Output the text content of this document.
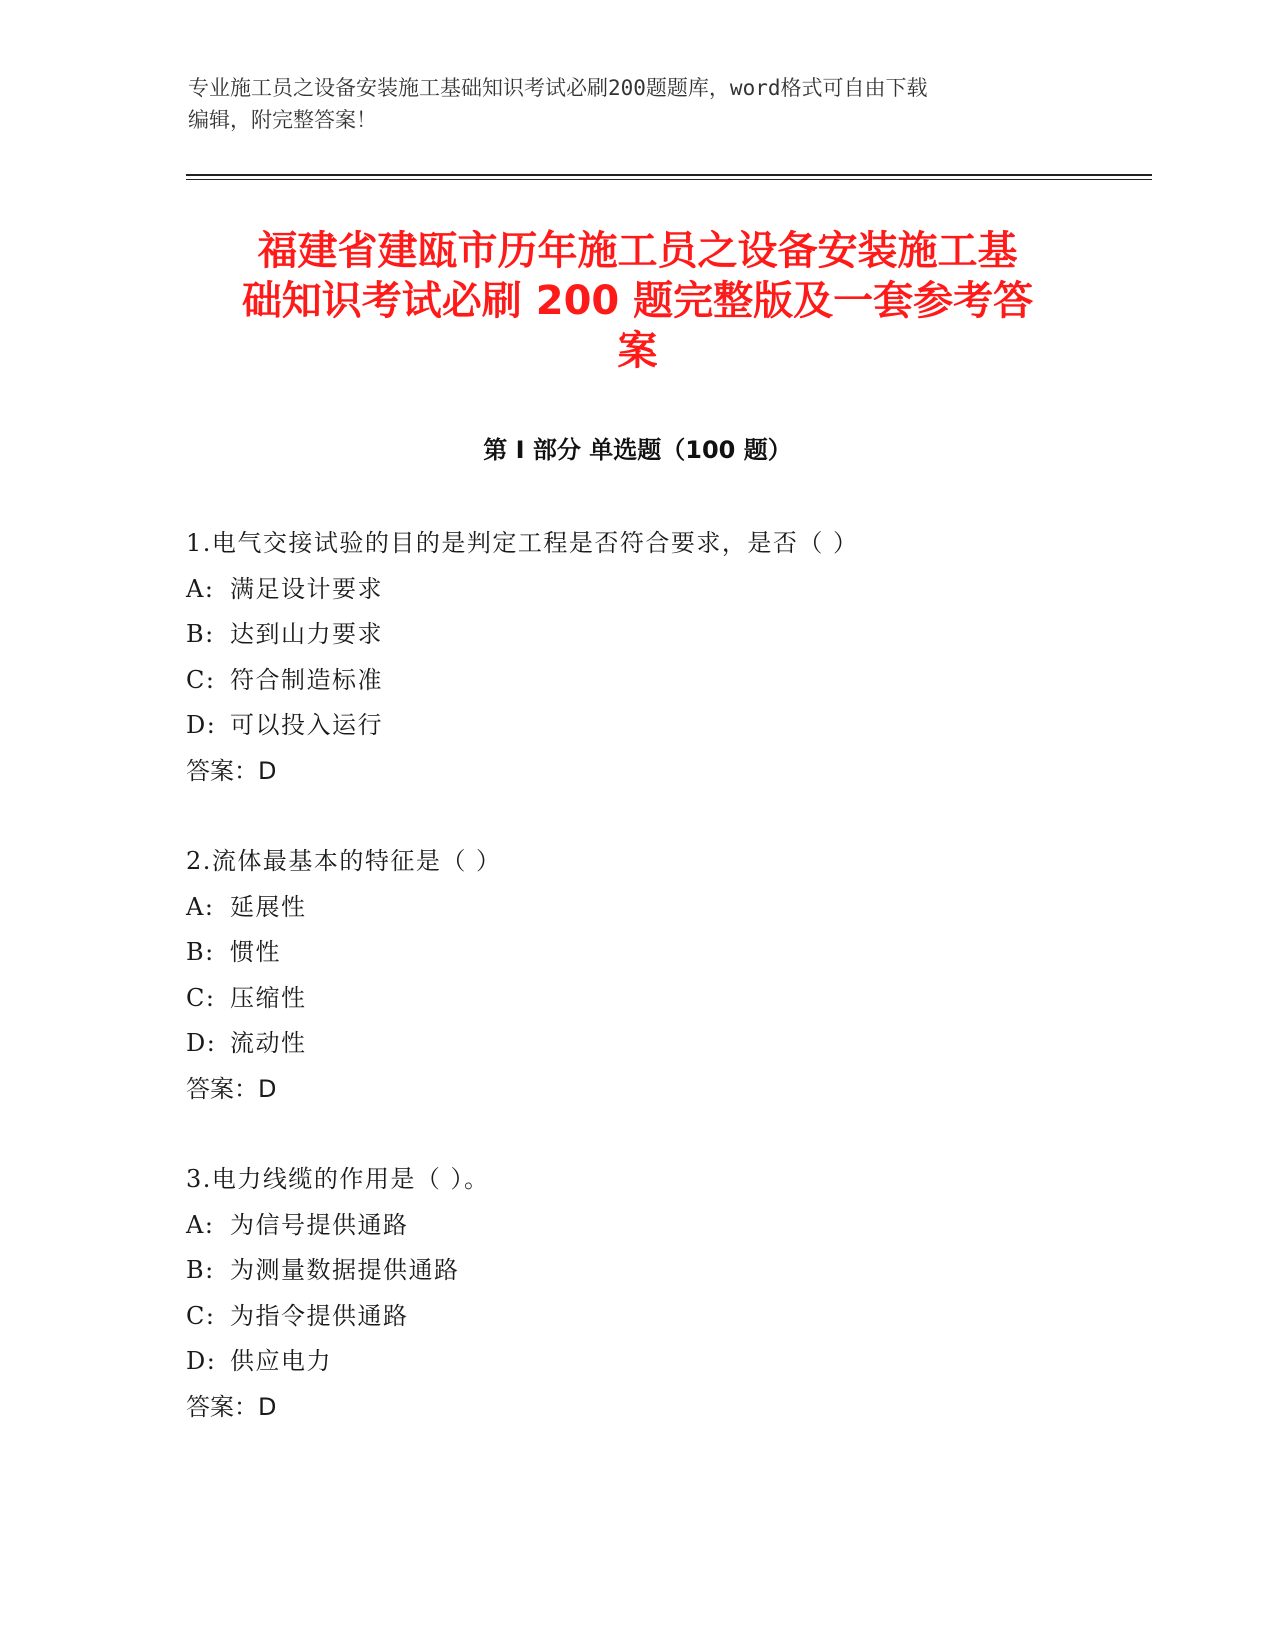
专业施工员之设备安装施工基础知识考试必刷200题题库，word格式可自由下载
编辑，附完整答案！
福建省建瓯市历年施工员之设备安装施工基
础知识考试必刷 200 题完整版及一套参考答
案
第 I 部分 单选题（100 题）
1.电气交接试验的目的是判定工程是否符合要求，是否（ ）
A: 满足设计要求
B: 达到山力要求
C: 符合制造标准
D: 可以投入运行
答案：D
2.流体最基本的特征是（ ）
A: 延展性
B: 惯性
C: 压缩性
D: 流动性
答案：D
3.电力线缆的作用是（ ）。
A: 为信号提供通路
B: 为测量数据提供通路
C: 为指令提供通路
D: 供应电力
答案：D
